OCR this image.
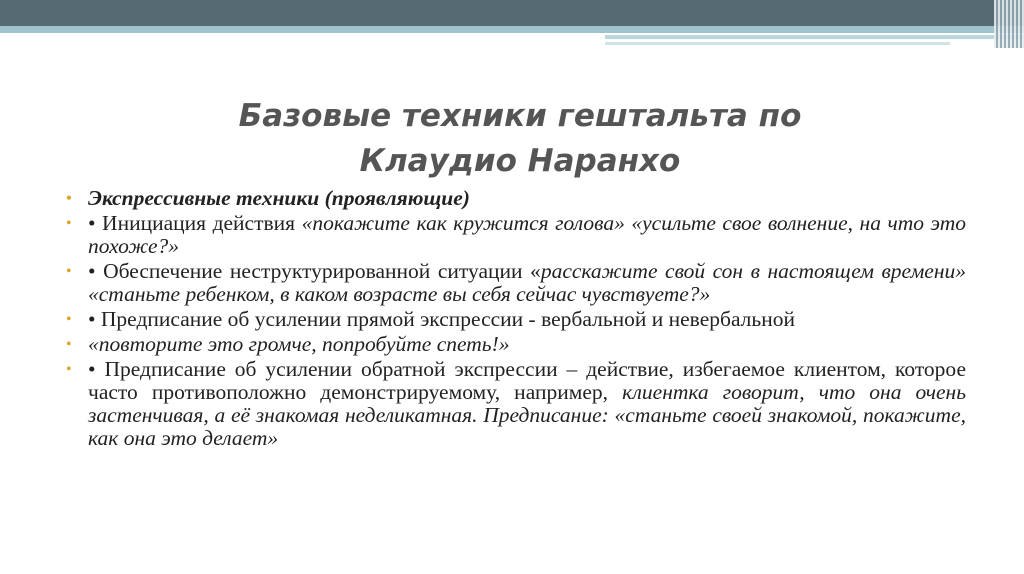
Базовые техники гештальта по
Клаудио Наранхо
• Экспрессивные техники (проявляющие)
• • Инициация действия «покажите как кружится голова» «усильте свое волнение, на что это похоже?»
• • Обеспечение неструктурированной ситуации «расскажите свой сон в настоящем времени» «станьте ребенком, в каком возрасте вы себя сейчас чувствуете?»
• • Предписание об усилении прямой экспрессии - вербальной и невербальной
• «повторите это громче, попробуйте спеть!»
• • Предписание об усилении обратной экспрессии – действие, избегаемое клиентом, которое часто противоположно демонстрируемому, например, клиентка говорит, что она очень застенчивая, а её знакомая неделикатная. Предписание: «станьте своей знакомой, покажите, как она это делает»
